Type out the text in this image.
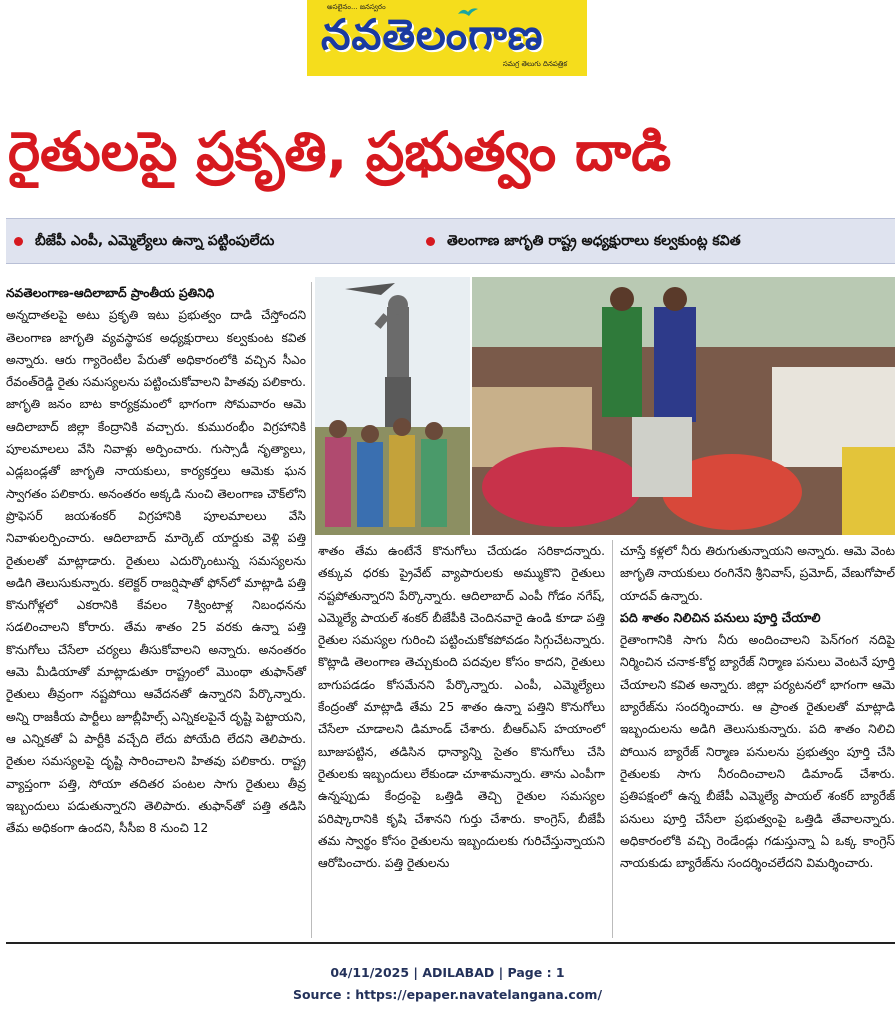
అసలైనం... జనస్వరం
నవతెలంగాణ
సమగ్ర తెలుగు దినపత్రిక
రైతులపై ప్రకృతి, ప్రభుత్వం దాడి
బీజేపీ ఎంపీ, ఎమ్మెల్యేలు ఉన్నా పట్టింపులేదు	తెలంగాణ జాగృతి రాష్ట్ర అధ్యక్షురాలు కల్వకుంట్ల కవిత

నవతెలంగాణ-ఆదిలాబాద్ ప్రాంతీయ ప్రతినిధి

అన్నదాతలపై అటు ప్రకృతి ఇటు ప్రభుత్వం దాడి చేస్తోందని తెలంగాణ జాగృతి వ్యవస్థాపక అధ్యక్షురాలు కల్వకుంట కవిత అన్నారు. ఆరు గ్యారెంటీల పేరుతో అధికారంలోకి వచ్చిన సీఎం రేవంత్‌రెడ్డి రైతు సమస్యలను పట్టించుకోవాలని హితవు పలికారు. జాగృతి జనం బాట కార్యక్రమంలో భాగంగా సోమవారం ఆమె ఆదిలాబాద్ జిల్లా కేంద్రానికి వచ్చారు. కుమురంభీం విగ్రహానికి పూలమాలలు వేసి నివాళ్లు అర్పించారు. గుస్సాడీ నృత్యాలు, ఎడ్లబండ్లతో జాగృతి నాయకులు, కార్యకర్తలు ఆమెకు ఘన స్వాగతం పలికారు. అనంతరం అక్కడి నుంచి తెలంగాణ చౌక్‌లోని ప్రొఫెసర్ జయశంకర్ విగ్రహానికి పూలమాలలు వేసి నివాళులర్పించారు. ఆదిలాబాద్ మార్కెట్ యార్డుకు వెళ్లి పత్తి రైతులతో మాట్లాడారు. రైతులు ఎదుర్కొంటున్న సమస్యలను అడిగి తెలుసుకున్నారు. కలెక్టర్ రాజర్షిషాతో ఫోన్‌లో మాట్లాడి పత్తి కొనుగోళ్లలో ఎకరానికి కేవలం 7క్వింటాళ్ల నిబంధనను సడలించాలని కోరారు. తేమ శాతం 25 వరకు ఉన్నా పత్తి కొనుగోలు చేసేలా చర్యలు తీసుకోవాలని అన్నారు. అనంతరం ఆమె మీడియాతో మాట్లాడుతూ రాష్ట్రంలో మొంథా తుఫాన్‌తో రైతులు తీవ్రంగా నష్టపోయి ఆవేదనతో ఉన్నారని పేర్కొన్నారు. అన్ని రాజకీయ పార్టీలు జూబ్లీహిల్స్ ఎన్నికలపైనే దృష్టి పెట్టాయని, ఆ ఎన్నికతో ఏ పార్టీకి వచ్చేది లేదు పోయేది లేదని తెలిపారు. రైతుల సమస్యలపై దృష్టి సారించాలని హితవు పలికారు. రాష్ట్ర వ్యాప్తంగా పత్తి, సోయా తదితర పంటల సాగు రైతులు తీవ్ర ఇబ్బందులు పడుతున్నారని తెలిపారు. తుఫాన్‌తో పత్తి తడిసి తేమ అధికంగా ఉందని, సీసీఐ 8 నుంచి 12

శాతం తేమ ఉంటేనే కొనుగోలు చేయడం సరికాదన్నారు. తక్కువ ధరకు ప్రైవేట్ వ్యాపారులకు అమ్ముకొని రైతులు నష్టపోతున్నారని పేర్కొన్నారు. ఆదిలాబాద్ ఎంపీ గోడం నగేష్, ఎమ్మెల్యే పాయల్ శంకర్ బీజేపీకి చెందినవారై ఉండి కూడా పత్తి రైతుల సమస్యల గురించి పట్టించుకోకపోవడం సిగ్గుచేటన్నారు. కొట్లాడి తెలంగాణ తెచ్చుకుంది పదవుల కోసం కాదని, రైతులు బాగుపడడం కోసమేనని పేర్కొన్నారు. ఎంపీ, ఎమ్మెల్యేలు కేంద్రంతో మాట్లాడి తేమ 25 శాతం ఉన్నా పత్తిని కొనుగోలు చేసేలా చూడాలని డిమాండ్ చేశారు. బీఆర్ఎస్ హయాంలో బూజుపట్టిన, తడిసిన ధాన్యాన్ని సైతం కొనుగోలు చేసి రైతులకు ఇబ్బందులు లేకుండా చూశామన్నారు. తాను ఎంపీగా ఉన్నప్పుడు కేంద్రంపై ఒత్తిడి తెచ్చి రైతుల సమస్యల పరిష్కారానికి కృషి చేశానని గుర్తు చేశారు. కాంగ్రెస్, బీజేపీ తమ స్వార్థం కోసం రైతులను ఇబ్బందులకు గురిచేస్తున్నాయని ఆరోపించారు. పత్తి రైతులను

చూస్తే కళ్లలో నీరు తిరుగుతున్నాయని అన్నారు. ఆమె వెంట జాగృతి నాయకులు రంగినేని శ్రీనివాస్, ప్రమోద్, వేణుగోపాల్ యాదవ్ ఉన్నారు.

పది శాతం నిలిచిన పనులు పూర్తి చేయాలి

రైతాంగానికి సాగు నీరు అందించాలని పెన్‌గంగ నదిపై నిర్మించిన చనాక-కోర్ట బ్యారేజ్ నిర్మాణ పనులు వెంటనే పూర్తి చేయాలని కవిత అన్నారు. జిల్లా పర్యటనలో భాగంగా ఆమె బ్యారేజ్‌ను సందర్శించారు. ఆ ప్రాంత రైతులతో మాట్లాడి ఇబ్బందులను అడిగి తెలుసుకున్నారు. పది శాతం నిలిచి పోయిన బ్యారేజ్ నిర్మాణ పనులను ప్రభుత్వం పూర్తి చేసి రైతులకు సాగు నీరందించాలని డిమాండ్ చేశారు. ప్రతిపక్షంలో ఉన్న బీజేపీ ఎమ్మెల్యే పాయల్ శంకర్ బ్యారేజ్ పనులు పూర్తి చేసేలా ప్రభుత్వంపై ఒత్తిడి తేవాలన్నారు. అధికారంలోకి వచ్చి రెండేండ్లు గడుస్తున్నా ఏ ఒక్క కాంగ్రెస్ నాయకుడు బ్యారేజ్‌ను సందర్శించలేదని విమర్శించారు.

04/11/2025 | ADILABAD | Page : 1
Source : https://epaper.navatelangana.com/
